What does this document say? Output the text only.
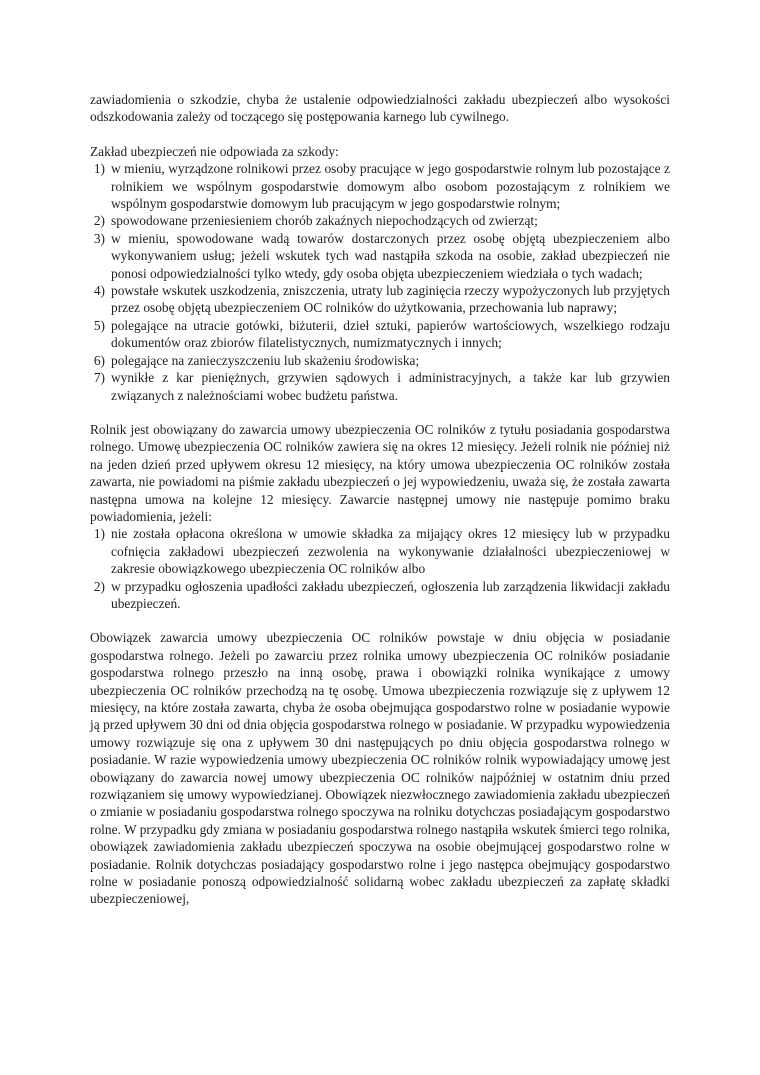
zawiadomienia o szkodzie, chyba że ustalenie odpowiedzialności zakładu ubezpieczeń albo wysokości odszkodowania zależy od toczącego się postępowania karnego lub cywilnego.

Zakład ubezpieczeń nie odpowiada za szkody:

1) w mieniu, wyrządzone rolnikowi przez osoby pracujące w jego gospodarstwie rolnym lub pozostające z rolnikiem we wspólnym gospodarstwie domowym albo osobom pozostającym z rolnikiem we wspólnym gospodarstwie domowym lub pracującym w jego gospodarstwie rolnym;
2) spowodowane przeniesieniem chorób zakaźnych niepochodzących od zwierząt;
3) w mieniu, spowodowane wadą towarów dostarczonych przez osobę objętą ubezpieczeniem albo wykonywaniem usług; jeżeli wskutek tych wad nastąpiła szkoda na osobie, zakład ubezpieczeń nie ponosi odpowiedzialności tylko wtedy, gdy osoba objęta ubezpieczeniem wiedziała o tych wadach;
4) powstałe wskutek uszkodzenia, zniszczenia, utraty lub zaginięcia rzeczy wypożyczonych lub przyjętych przez osobę objętą ubezpieczeniem OC rolników do użytkowania, przechowania lub naprawy;
5) polegające na utracie gotówki, biżuterii, dzieł sztuki, papierów wartościowych, wszelkiego rodzaju dokumentów oraz zbiorów filatelistycznych, numizmatycznych i innych;
6) polegające na zanieczyszczeniu lub skażeniu środowiska;
7) wynikłe z kar pieniężnych, grzywien sądowych i administracyjnych, a także kar lub grzywien związanych z należnościami wobec budżetu państwa.

Rolnik jest obowiązany do zawarcia umowy ubezpieczenia OC rolników z tytułu posiadania gospodarstwa rolnego. Umowę ubezpieczenia OC rolników zawiera się na okres 12 miesięcy. Jeżeli rolnik nie później niż na jeden dzień przed upływem okresu 12 miesięcy, na który umowa ubezpieczenia OC rolników została zawarta, nie powiadomi na piśmie zakładu ubezpieczeń o jej wypowiedzeniu, uważa się, że została zawarta następna umowa na kolejne 12 miesięcy. Zawarcie następnej umowy nie następuje pomimo braku powiadomienia, jeżeli:

1) nie została opłacona określona w umowie składka za mijający okres 12 miesięcy lub w przypadku cofnięcia zakładowi ubezpieczeń zezwolenia na wykonywanie działalności ubezpieczeniowej w zakresie obowiązkowego ubezpieczenia OC rolników albo
2) w przypadku ogłoszenia upadłości zakładu ubezpieczeń, ogłoszenia lub zarządzenia likwidacji zakładu ubezpieczeń.

Obowiązek zawarcia umowy ubezpieczenia OC rolników powstaje w dniu objęcia w posiadanie gospodarstwa rolnego. Jeżeli po zawarciu przez rolnika umowy ubezpieczenia OC rolników posiadanie gospodarstwa rolnego przeszło na inną osobę, prawa i obowiązki rolnika wynikające z umowy ubezpieczenia OC rolników przechodzą na tę osobę. Umowa ubezpieczenia rozwiązuje się z upływem 12 miesięcy, na które została zawarta, chyba że osoba obejmująca gospodarstwo rolne w posiadanie wypowie ją przed upływem 30 dni od dnia objęcia gospodarstwa rolnego w posiadanie. W przypadku wypowiedzenia umowy rozwiązuje się ona z upływem 30 dni następujących po dniu objęcia gospodarstwa rolnego w posiadanie. W razie wypowiedzenia umowy ubezpieczenia OC rolników rolnik wypowiadający umowę jest obowiązany do zawarcia nowej umowy ubezpieczenia OC rolników najpóźniej w ostatnim dniu przed rozwiązaniem się umowy wypowiedzianej. Obowiązek niezwłocznego zawiadomienia zakładu ubezpieczeń o zmianie w posiadaniu gospodarstwa rolnego spoczywa na rolniku dotychczas posiadającym gospodarstwo rolne. W przypadku gdy zmiana w posiadaniu gospodarstwa rolnego nastąpiła wskutek śmierci tego rolnika, obowiązek zawiadomienia zakładu ubezpieczeń spoczywa na osobie obejmującej gospodarstwo rolne w posiadanie. Rolnik dotychczas posiadający gospodarstwo rolne i jego następca obejmujący gospodarstwo rolne w posiadanie ponoszą odpowiedzialność solidarną wobec zakładu ubezpieczeń za zapłatę składki ubezpieczeniowej,
